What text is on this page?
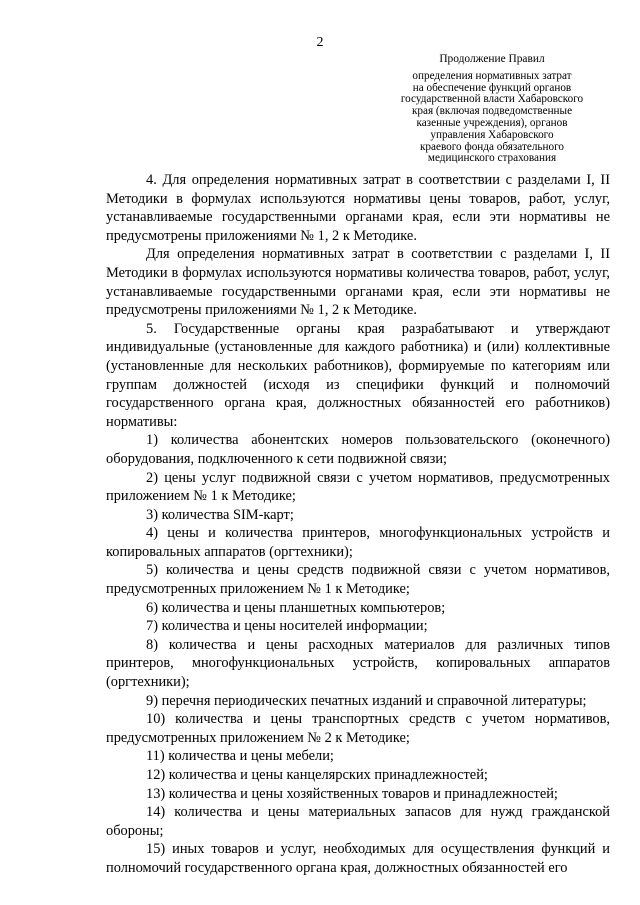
2
Продолжение Правил
определения нормативных затрат
на обеспечение функций органов
государственной власти Хабаровского
края (включая подведомственные
казенные учреждения), органов
управления Хабаровского
краевого фонда обязательного
медицинского страхования

4. Для определения нормативных затрат в соответствии с разделами I, II Методики в формулах используются нормативы цены товаров, работ, услуг, устанавливаемые государственными органами края, если эти нормативы не предусмотрены приложениями № 1, 2 к Методике.

Для определения нормативных затрат в соответствии с разделами I, II Методики в формулах используются нормативы количества товаров, работ, услуг, устанавливаемые государственными органами края, если эти нормативы не предусмотрены приложениями № 1, 2 к Методике.

5. Государственные органы края разрабатывают и утверждают индивидуальные (установленные для каждого работника) и (или) коллективные (установленные для нескольких работников), формируемые по категориям или группам должностей (исходя из специфики функций и полномочий государственного органа края, должностных обязанностей его работников) нормативы:

1) количества абонентских номеров пользовательского (оконечного) оборудования, подключенного к сети подвижной связи;

2) цены услуг подвижной связи с учетом нормативов, предусмотренных приложением № 1 к Методике;

3) количества SIM-карт;

4) цены и количества принтеров, многофункциональных устройств и копировальных аппаратов (оргтехники);

5) количества и цены средств подвижной связи с учетом нормативов, предусмотренных приложением № 1 к Методике;

6) количества и цены планшетных компьютеров;

7) количества и цены носителей информации;

8) количества и цены расходных материалов для различных типов принтеров, многофункциональных устройств, копировальных аппаратов (оргтехники);

9) перечня периодических печатных изданий и справочной литературы;

10) количества и цены транспортных средств с учетом нормативов, предусмотренных приложением № 2 к Методике;

11) количества и цены мебели;

12) количества и цены канцелярских принадлежностей;

13) количества и цены хозяйственных товаров и принадлежностей;

14) количества и цены материальных запасов для нужд гражданской обороны;

15) иных товаров и услуг, необходимых для осуществления функций и полномочий государственного органа края, должностных обязанностей его
